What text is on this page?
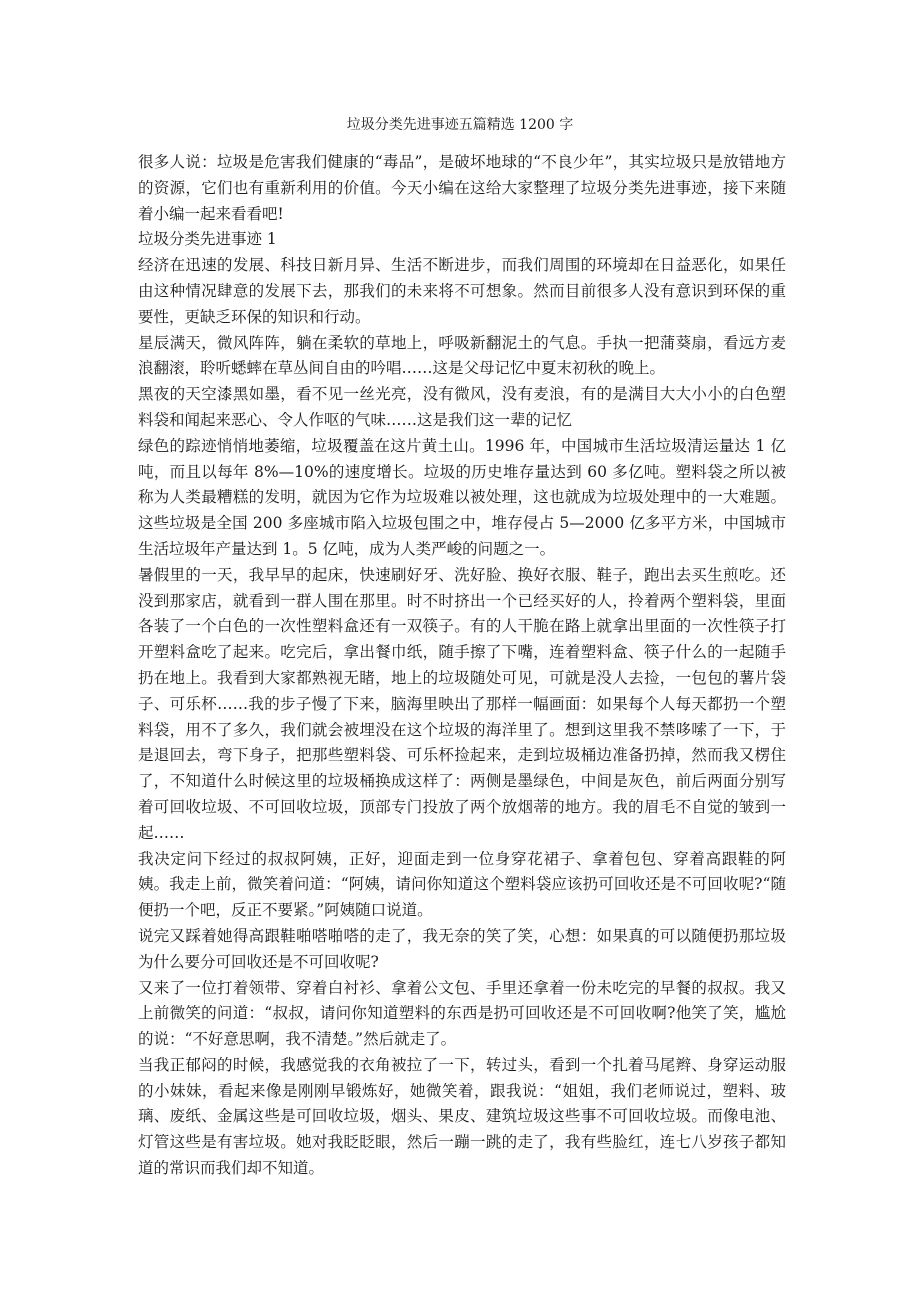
垃圾分类先进事迹五篇精选 1200 字

很多人说：垃圾是危害我们健康的“毒品”，是破坏地球的“不良少年”，其实垃圾只是放错地方的资源，它们也有重新利用的价值。今天小编在这给大家整理了垃圾分类先进事迹，接下来随着小编一起来看看吧!

垃圾分类先进事迹 1

经济在迅速的发展、科技日新月异、生活不断进步，而我们周围的环境却在日益恶化，如果任由这种情况肆意的发展下去，那我们的未来将不可想象。然而目前很多人没有意识到环保的重要性，更缺乏环保的知识和行动。

星辰满天，微风阵阵，躺在柔软的草地上，呼吸新翻泥土的气息。手执一把蒲葵扇，看远方麦浪翻滚，聆听蟋蟀在草丛间自由的吟唱……这是父母记忆中夏末初秋的晚上。

黑夜的天空漆黑如墨，看不见一丝光亮，没有微风，没有麦浪，有的是满目大大小小的白色塑料袋和闻起来恶心、令人作呕的气味……这是我们这一辈的记忆

绿色的踪迹悄悄地萎缩，垃圾覆盖在这片黄土山。1996 年，中国城市生活垃圾清运量达 1 亿吨，而且以每年 8%—10%的速度增长。垃圾的历史堆存量达到 60 多亿吨。塑料袋之所以被称为人类最糟糕的发明，就因为它作为垃圾难以被处理，这也就成为垃圾处理中的一大难题。这些垃圾是全国 200 多座城市陷入垃圾包围之中，堆存侵占 5—2000 亿多平方米，中国城市生活垃圾年产量达到 1。5 亿吨，成为人类严峻的问题之一。

暑假里的一天，我早早的起床，快速刷好牙、洗好脸、换好衣服、鞋子，跑出去买生煎吃。还没到那家店，就看到一群人围在那里。时不时挤出一个已经买好的人，拎着两个塑料袋，里面各装了一个白色的一次性塑料盒还有一双筷子。有的人干脆在路上就拿出里面的一次性筷子打开塑料盒吃了起来。吃完后，拿出餐巾纸，随手擦了下嘴，连着塑料盒、筷子什么的一起随手扔在地上。我看到大家都熟视无睹，地上的垃圾随处可见，可就是没人去捡，一包包的薯片袋子、可乐杯……我的步子慢了下来，脑海里映出了那样一幅画面：如果每个人每天都扔一个塑料袋，用不了多久，我们就会被埋没在这个垃圾的海洋里了。想到这里我不禁哆嗦了一下，于是退回去，弯下身子，把那些塑料袋、可乐杯捡起来，走到垃圾桶边准备扔掉，然而我又楞住了，不知道什么时候这里的垃圾桶换成这样了：两侧是墨绿色，中间是灰色，前后两面分别写着可回收垃圾、不可回收垃圾，顶部专门投放了两个放烟蒂的地方。我的眉毛不自觉的皱到一起……

我决定问下经过的叔叔阿姨，正好，迎面走到一位身穿花裙子、拿着包包、穿着高跟鞋的阿姨。我走上前，微笑着问道：“阿姨，请问你知道这个塑料袋应该扔可回收还是不可回收呢?“随便扔一个吧，反正不要紧。”阿姨随口说道。

说完又踩着她得高跟鞋啪嗒啪嗒的走了，我无奈的笑了笑，心想：如果真的可以随便扔那垃圾为什么要分可回收还是不可回收呢?

又来了一位打着领带、穿着白衬衫、拿着公文包、手里还拿着一份未吃完的早餐的叔叔。我又上前微笑的问道：“叔叔，请问你知道塑料的东西是扔可回收还是不可回收啊?他笑了笑，尴尬的说：“不好意思啊，我不清楚。”然后就走了。

当我正郁闷的时候，我感觉我的衣角被拉了一下，转过头，看到一个扎着马尾辫、身穿运动服的小妹妹，看起来像是刚刚早锻炼好，她微笑着，跟我说：“姐姐，我们老师说过，塑料、玻璃、废纸、金属这些是可回收垃圾，烟头、果皮、建筑垃圾这些事不可回收垃圾。而像电池、灯管这些是有害垃圾。她对我眨眨眼，然后一蹦一跳的走了，我有些脸红，连七八岁孩子都知道的常识而我们却不知道。
